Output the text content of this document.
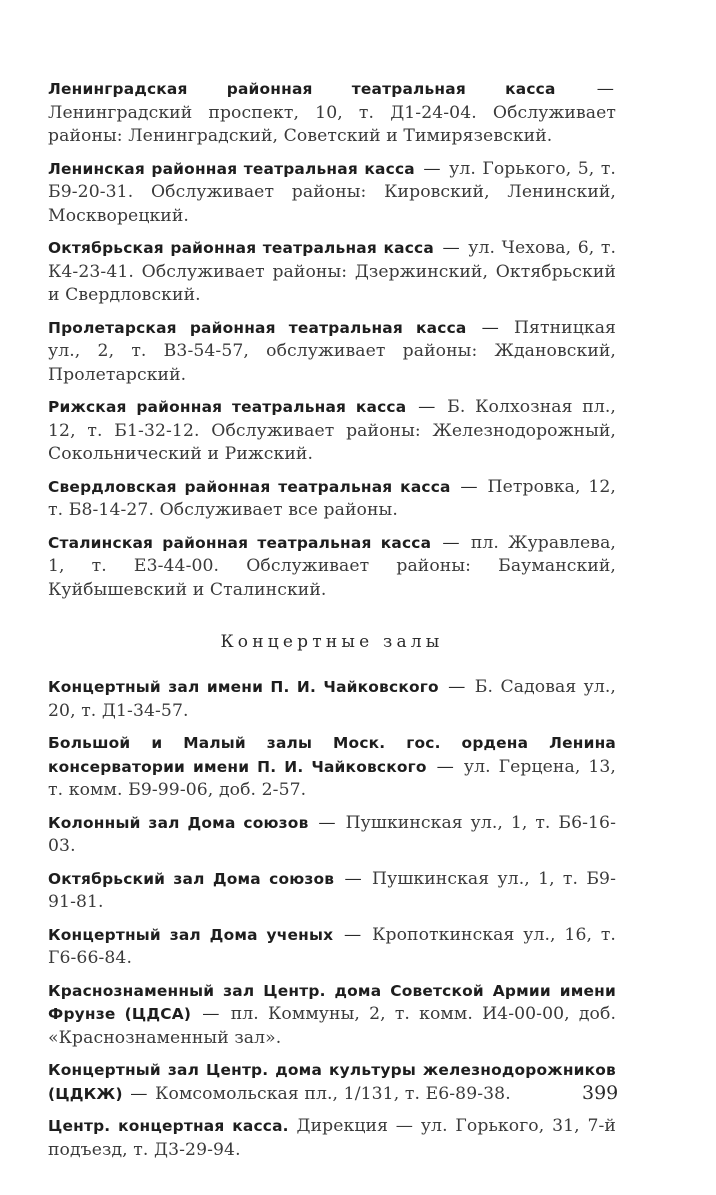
Ленинградская районная театральная касса — Ленинградский проспект, 10, т. Д1-24-04. Обслуживает районы: Ленинградский, Советский и Тимирязевский.

Ленинская районная театральная касса — ул. Горького, 5, т. Б9-20-31. Обслуживает районы: Кировский, Ленинский, Москворецкий.

Октябрьская районная театральная касса — ул. Чехова, 6, т. К4-23-41. Обслуживает районы: Дзержинский, Октябрьский и Свердловский.

Пролетарская районная театральная касса — Пятницкая ул., 2, т. В3-54-57, обслуживает районы: Ждановский, Пролетарский.

Рижская районная театральная касса — Б. Колхозная пл., 12, т. Б1-32-12. Обслуживает районы: Железнодорожный, Сокольнический и Рижский.

Свердловская районная театральная касса — Петровка, 12, т. Б8-14-27. Обслуживает все районы.

Сталинская районная театральная касса — пл. Журавлева, 1, т. Е3-44-00. Обслуживает районы: Бауманский, Куйбышевский и Сталинский.

Концертные залы

Концертный зал имени П. И. Чайковского — Б. Садовая ул., 20, т. Д1-34-57.

Большой и Малый залы Моск. гос. ордена Ленина консерватории имени П. И. Чайковского — ул. Герцена, 13, т. комм. Б9-99-06, доб. 2-57.

Колонный зал Дома союзов — Пушкинская ул., 1, т. Б6-16-03.

Октябрьский зал Дома союзов — Пушкинская ул., 1, т. Б9-91-81.

Концертный зал Дома ученых — Кропоткинская ул., 16, т. Г6-66-84.

Краснознаменный зал Центр. дома Советской Армии имени Фрунзе (ЦДСА) — пл. Коммуны, 2, т. комм. И4-00-00, доб. «Краснознаменный зал».

Концертный зал Центр. дома культуры железнодорожников (ЦДКЖ) — Комсомольская пл., 1/131, т. Е6-89-38.

Центр. концертная касса. Дирекция — ул. Горького, 31, 7-й подъезд, т. Д3-29-94.

399
